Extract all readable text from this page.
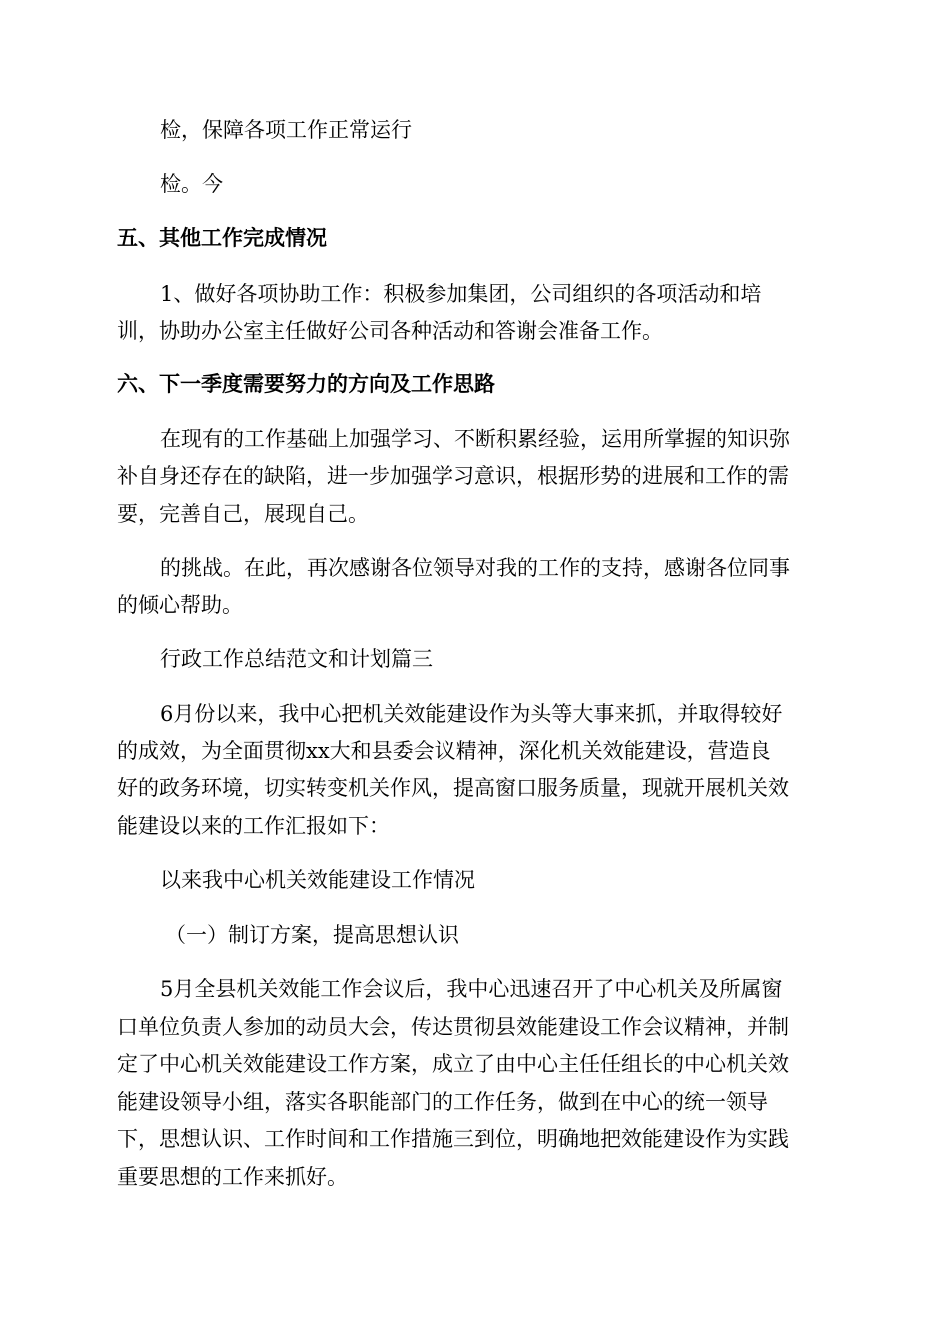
检，保障各项工作正常运行
检。今
五、其他工作完成情况
1、做好各项协助工作：积极参加集团，公司组织的各项活动和培
训，协助办公室主任做好公司各种活动和答谢会准备工作。
六、下一季度需要努力的方向及工作思路
在现有的工作基础上加强学习、不断积累经验，运用所掌握的知识弥
补自身还存在的缺陷，进一步加强学习意识，根据形势的进展和工作的需
要，完善自己，展现自己。
的挑战。在此，再次感谢各位领导对我的工作的支持，感谢各位同事
的倾心帮助。
行政工作总结范文和计划篇三
6月份以来，我中心把机关效能建设作为头等大事来抓，并取得较好
的成效，为全面贯彻xx大和县委会议精神，深化机关效能建设，营造良
好的政务环境，切实转变机关作风，提高窗口服务质量，现就开展机关效
能建设以来的工作汇报如下：
以来我中心机关效能建设工作情况
（一）制订方案，提高思想认识
5月全县机关效能工作会议后，我中心迅速召开了中心机关及所属窗
口单位负责人参加的动员大会，传达贯彻县效能建设工作会议精神，并制
定了中心机关效能建设工作方案，成立了由中心主任任组长的中心机关效
能建设领导小组，落实各职能部门的工作任务，做到在中心的统一领导
下，思想认识、工作时间和工作措施三到位，明确地把效能建设作为实践
重要思想的工作来抓好。
